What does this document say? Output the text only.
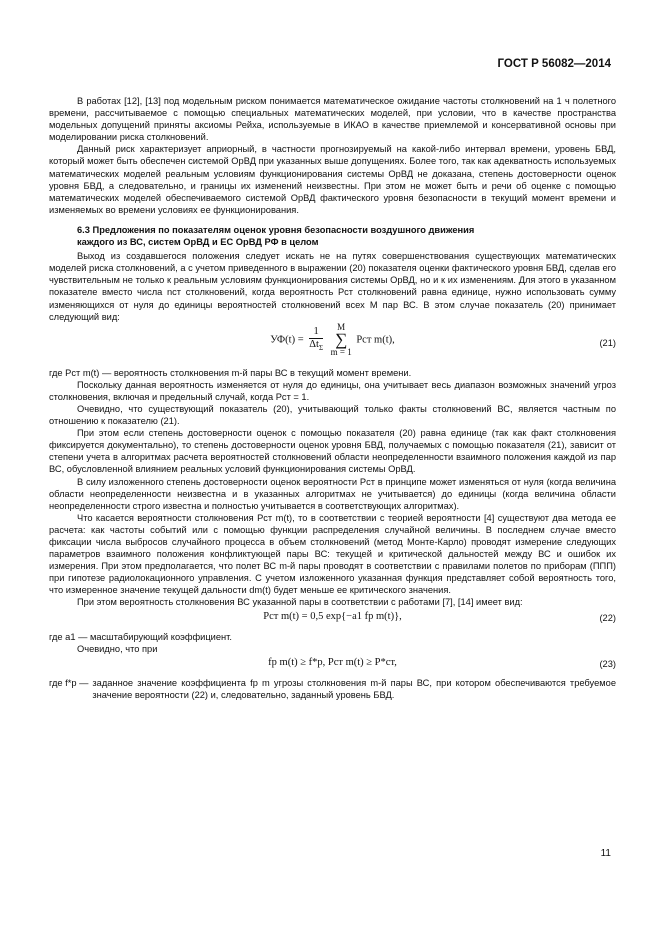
ГОСТ Р 56082—2014

В работах [12], [13] под модельным риском понимается математическое ожидание частоты столкновений на 1 ч полетного времени, рассчитываемое с помощью специальных математических моделей, при условии, что в качестве пространства модельных допущений приняты аксиомы Рейха, используемые в ИКАО в качестве приемлемой и консервативной основы при моделировании риска столкновений.

Данный риск характеризует априорный, в частности прогнозируемый на какой-либо интервал времени, уровень БВД, который может быть обеспечен системой ОрВД при указанных выше допущениях. Более того, так как адекватность используемых математических моделей реальным условиям функционирования системы ОрВД не доказана, степень достоверности оценок уровня БВД, а следовательно, и границы их изменений неизвестны. При этом не может быть и речи об оценке с помощью математических моделей обеспечиваемого системой ОрВД фактического уровня безопасности в текущий момент времени и изменяемых во времени условиях ее функционирования.

6.3 Предложения по показателям оценок уровня безопасности воздушного движения
каждого из ВС, систем ОрВД и ЕС ОрВД РФ в целом

Выход из создавшегося положения следует искать не на путях совершенствования существующих математических моделей риска столкновений, а с учетом приведенного в выражении (20) показателя оценки фактического уровня БВД, сделав его чувствительным не только к реальным условиям функционирования системы ОрВД, но и к их изменениям. Для этого в указанном показателе вместо числа nст столкновений, когда вероятность Pст столкновений равна единице, нужно использовать сумму изменяющихся от нуля до единицы вероятностей столкновений всех M пар ВС. В этом случае показатель (20) принимает следующий вид:

$УФ(t) = \frac{1}{\Delta t_\Sigma}$ M
∑
m = 1 Pст m(t),	(21)

где Pст m(t) — вероятность столкновения m-й пары ВС в текущий момент времени.

Поскольку данная вероятность изменяется от нуля до единицы, она учитывает весь диапазон возможных значений угроз столкновения, включая и предельный случай, когда Pст = 1.

Очевидно, что существующий показатель (20), учитывающий только факты столкновений ВС, является частным по отношению к показателю (21).

При этом если степень достоверности оценок с помощью показателя (20) равна единице (так как факт столкновения фиксируется документально), то степень достоверности оценок уровня БВД, получаемых с помощью показателя (21), зависит от степени учета в алгоритмах расчета вероятностей столкновений области неопределенности взаимного положения каждой из пар ВС, обусловленной влиянием реальных условий функционирования системы ОрВД.

В силу изложенного степень достоверности оценок вероятности Pст в принципе может изменяться от нуля (когда величина области неопределенности неизвестна и в указанных алгоритмах не учитывается) до единицы (когда величина области неопределенности строго известна и полностью учитывается в соответствующих алгоритмах).

Что касается вероятности столкновения Pст m(t), то в соответствии с теорией вероятности [4] существуют два метода ее расчета: как частоты событий или с помощью функции распределения случайной величины. В последнем случае вместо фиксации числа выбросов случайного процесса в объем столкновений (метод Монте-Карло) проводят измерение следующих параметров взаимного положения конфликтующей пары ВС: текущей и критической дальностей между ВС и ошибок их измерения. При этом предполагается, что полет ВС m-й пары проводят в соответствии с правилами полетов по приборам (ППП) при гипотезе радиолокационного управления. С учетом изложенного указанная функция представляет собой вероятность того, что измеренное значение текущей дальности dm(t) будет меньше ее критического значения.

При этом вероятность столкновения ВС указанной пары в соответствии с работами [7], [14] имеет вид:

Pст m(t) = 0,5 exp{−a1 fp m(t)},	(22)

где a1 — масштабирующий коэффициент.

Очевидно, что при

fp m(t) ≥ f*p, Pст m(t) ≥ P*ст,	(23)
где f*p — заданное значение коэффициента fp m угрозы столкновения m-й пары ВС, при котором обеспечиваются требуемое значение вероятности (22) и, следовательно, заданный уровень БВД.
11
